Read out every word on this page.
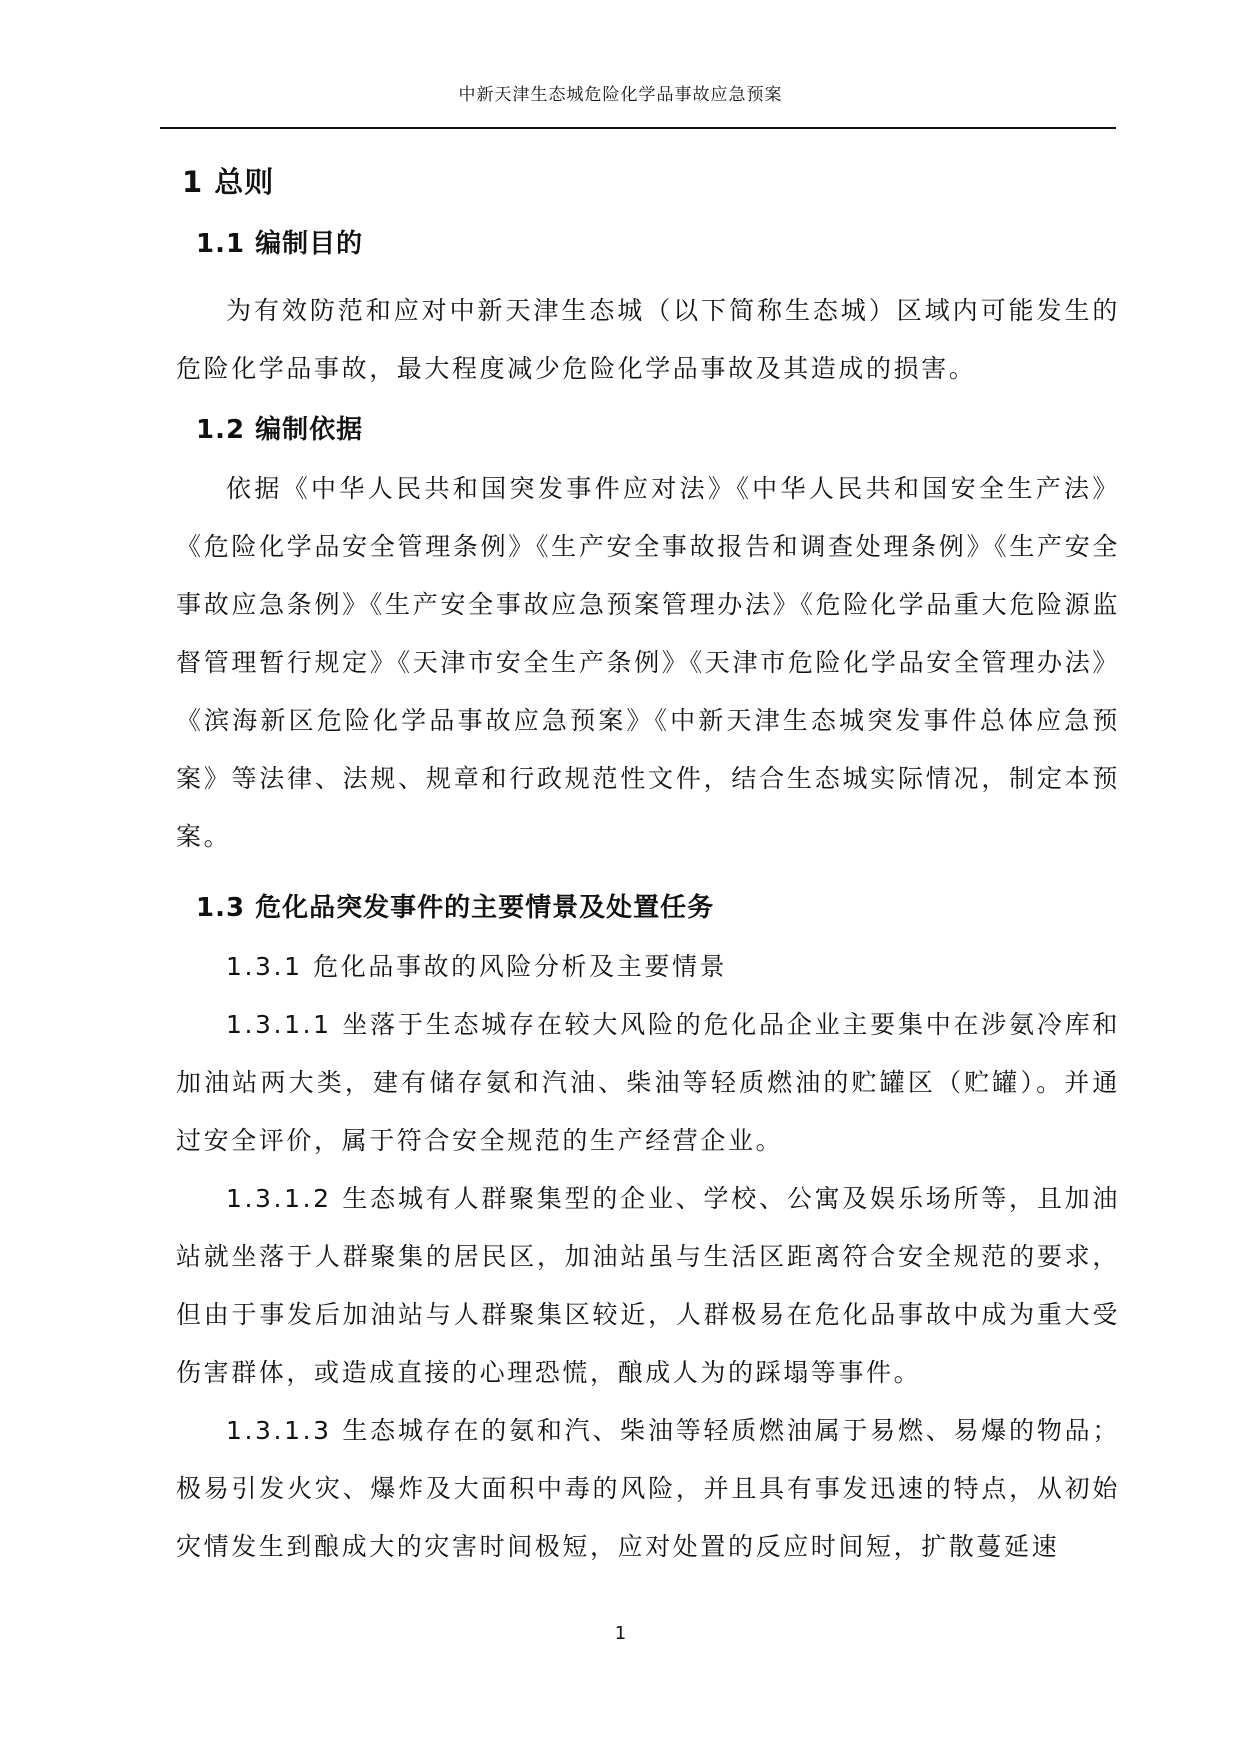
中新天津生态城危险化学品事故应急预案
1 总则
1.1 编制目的

为有效防范和应对中新天津生态城（以下简称生态城）区域内可能发生的危险化学品事故，最大程度减少危险化学品事故及其造成的损害。

1.2 编制依据

依据《中华人民共和国突发事件应对法》《中华人民共和国安全生产法》《危险化学品安全管理条例》《生产安全事故报告和调查处理条例》《生产安全事故应急条例》《生产安全事故应急预案管理办法》《危险化学品重大危险源监督管理暂行规定》《天津市安全生产条例》《天津市危险化学品安全管理办法》《滨海新区危险化学品事故应急预案》《中新天津生态城突发事件总体应急预案》等法律、法规、规章和行政规范性文件，结合生态城实际情况，制定本预案。

1.3 危化品突发事件的主要情景及处置任务

1.3.1 危化品事故的风险分析及主要情景

1.3.1.1 坐落于生态城存在较大风险的危化品企业主要集中在涉氨冷库和加油站两大类，建有储存氨和汽油、柴油等轻质燃油的贮罐区（贮罐）。并通过安全评价，属于符合安全规范的生产经营企业。

1.3.1.2 生态城有人群聚集型的企业、学校、公寓及娱乐场所等，且加油站就坐落于人群聚集的居民区，加油站虽与生活区距离符合安全规范的要求，但由于事发后加油站与人群聚集区较近，人群极易在危化品事故中成为重大受伤害群体，或造成直接的心理恐慌，酿成人为的踩塌等事件。

1.3.1.3 生态城存在的氨和汽、柴油等轻质燃油属于易燃、易爆的物品；极易引发火灾、爆炸及大面积中毒的风险，并且具有事发迅速的特点，从初始灾情发生到酿成大的灾害时间极短，应对处置的反应时间短，扩散蔓延速

1
